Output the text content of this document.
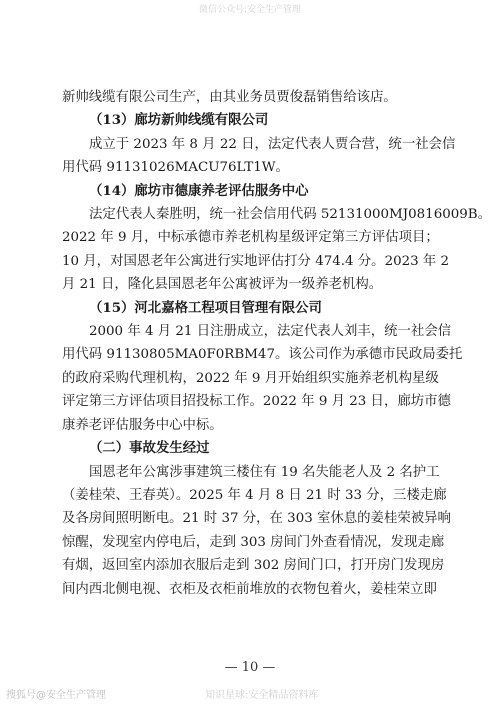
微信公众号:安全生产管理
新帅线缆有限公司生产，由其业务员贾俊磊销售给该店。
（13）廊坊新帅线缆有限公司
成立于 2023 年 8 月 22 日，法定代表人贾合营，统一社会信
用代码 91131026MACU76LT1W。
（14）廊坊市德康养老评估服务中心
法定代表人秦胜明，统一社会信用代码 52131000MJ0816009B。
2022 年 9 月，中标承德市养老机构星级评定第三方评估项目；
10 月，对国恩老年公寓进行实地评估打分 474.4 分。2023 年 2
月 21 日，隆化县国恩老年公寓被评为一级养老机构。
（15）河北嘉格工程项目管理有限公司
2000 年 4 月 21 日注册成立，法定代表人刘丰，统一社会信
用代码 91130805MA0F0RBM47。该公司作为承德市民政局委托
的政府采购代理机构，2022 年 9 月开始组织实施养老机构星级
评定第三方评估项目招投标工作。2022 年 9 月 23 日，廊坊市德
康养老评估服务中心中标。
（二）事故发生经过
国恩老年公寓涉事建筑三楼住有 19 名失能老人及 2 名护工
（姜桂荣、王春英）。2025 年 4 月 8 日 21 时 33 分，三楼走廊
及各房间照明断电。21 时 37 分，在 303 室休息的姜桂荣被异响
惊醒，发现室内停电后，走到 303 房间门外查看情况，发现走廊
有烟，返回室内添加衣服后走到 302 房间门口，打开房门发现房
间内西北侧电视、衣柜及衣柜前堆放的衣物包着火，姜桂荣立即
— 10 —
搜狐号@安全生产管理	知识星球:安全精品资料库
